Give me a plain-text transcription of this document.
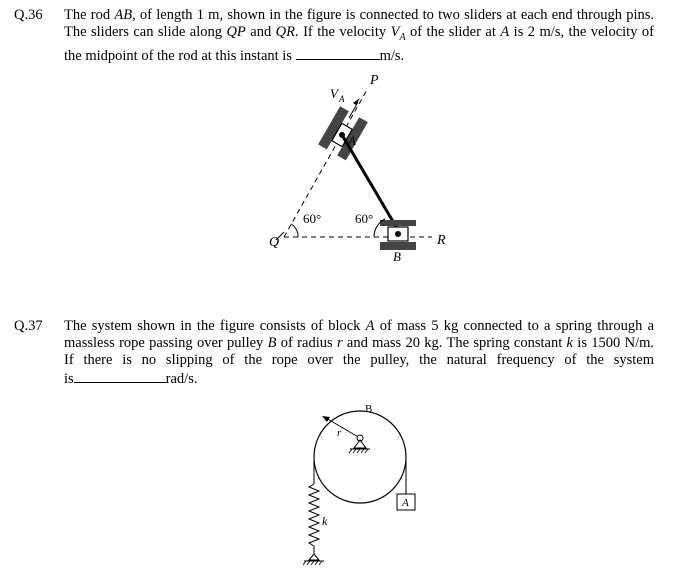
Q.36 The rod AB, of length 1 m, shown in the figure is connected to two sliders at each end through pins.
The sliders can slide along QP and QR. If the velocity $V_A$ of the slider at A is 2 m/s, the velocity of
the midpoint of the rod at this instant is	m/s.
P
V A
A
B
Q	R
60°	60°
Q.37 The system shown in the figure consists of block A of mass 5 kg connected to a spring through a
massless rope passing over pulley B of radius r and mass 20 kg. The spring constant k is 1500 N/m.
If there is no slipping of the rope over the pulley, the natural frequency of the system
is	rad/s.
B
r
k
A
